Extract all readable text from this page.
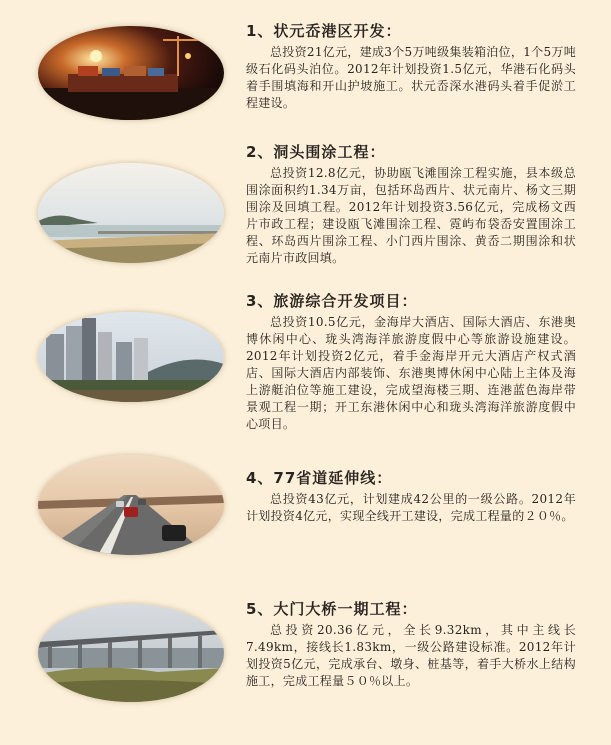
1、状元岙港区开发：

总投资21亿元，建成3个5万吨级集装箱泊位，1个5万吨级石化码头泊位。2012年计划投资1.5亿元，华港石化码头着手围填海和开山护坡施工。状元岙深水港码头着手促淤工程建设。

2、洞头围涂工程：

总投资12.8亿元，协助瓯飞滩围涂工程实施，县本级总围涂面积约1.34万亩，包括环岛西片、状元南片、杨文三期围涂及回填工程。2012年计划投资3.56亿元，完成杨文西片市政工程；建设瓯飞滩围涂工程、霓屿布袋岙安置围涂工程、环岛西片围涂工程、小门西片围涂、黄岙二期围涂和状元南片市政回填。

3、旅游综合开发项目：

总投资10.5亿元，金海岸大酒店、国际大酒店、东港奥博休闲中心、珑头湾海洋旅游度假中心等旅游设施建设。2012年计划投资2亿元，着手金海岸开元大酒店产权式酒店、国际大酒店内部装饰、东港奥博休闲中心陆上主体及海上游艇泊位等施工建设，完成望海楼三期、连港蓝色海岸带景观工程一期；开工东港休闲中心和珑头湾海洋旅游度假中心项目。

4、77省道延伸线：

总投资43亿元，计划建成42公里的一级公路。2012年计划投资4亿元，实现全线开工建设，完成工程量的２０％。

5、大门大桥一期工程：

总投资20.36亿元，全长9.32km，其中主线长7.49km，接线长1.83km，一级公路建设标准。2012年计划投资5亿元，完成承台、墩身、桩基等，着手大桥水上结构施工，完成工程量５０％以上。
